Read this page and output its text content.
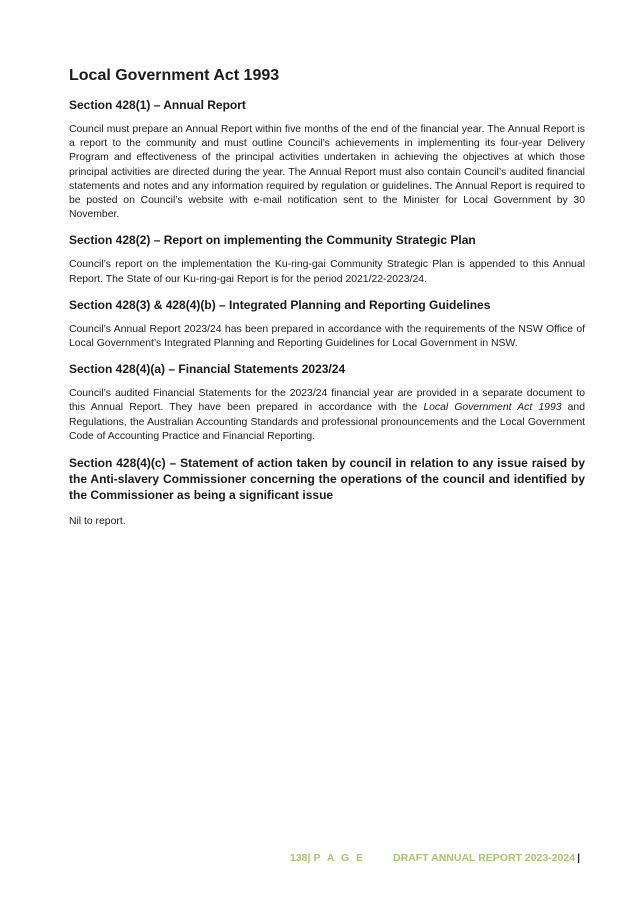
Local Government Act 1993
Section 428(1) – Annual Report

Council must prepare an Annual Report within five months of the end of the financial year. The Annual Report is a report to the community and must outline Council’s achievements in implementing its four-year Delivery Program and effectiveness of the principal activities undertaken in achieving the objectives at which those principal activities are directed during the year. The Annual Report must also contain Council’s audited financial statements and notes and any information required by regulation or guidelines. The Annual Report is required to be posted on Council’s website with e-mail notification sent to the Minister for Local Government by 30 November.

Section 428(2) – Report on implementing the Community Strategic Plan

Council’s report on the implementation the Ku-ring-gai Community Strategic Plan is appended to this Annual Report. The State of our Ku-ring-gai Report is for the period 2021/22-2023/24.

Section 428(3) & 428(4)(b) – Integrated Planning and Reporting Guidelines

Council’s Annual Report 2023/24 has been prepared in accordance with the requirements of the NSW Office of Local Government’s Integrated Planning and Reporting Guidelines for Local Government in NSW.

Section 428(4)(a) – Financial Statements 2023/24

Council’s audited Financial Statements for the 2023/24 financial year are provided in a separate document to this Annual Report. They have been prepared in accordance with the Local Government Act 1993 and Regulations, the Australian Accounting Standards and professional pronouncements and the Local Government Code of Accounting Practice and Financial Reporting.

Section 428(4)(c) – Statement of action taken by council in relation to any issue raised by the Anti-slavery Commissioner concerning the operations of the council and identified by the Commissioner as being a significant issue

Nil to report.

138| P A G E	DRAFT ANNUAL REPORT 2023-2024 |
